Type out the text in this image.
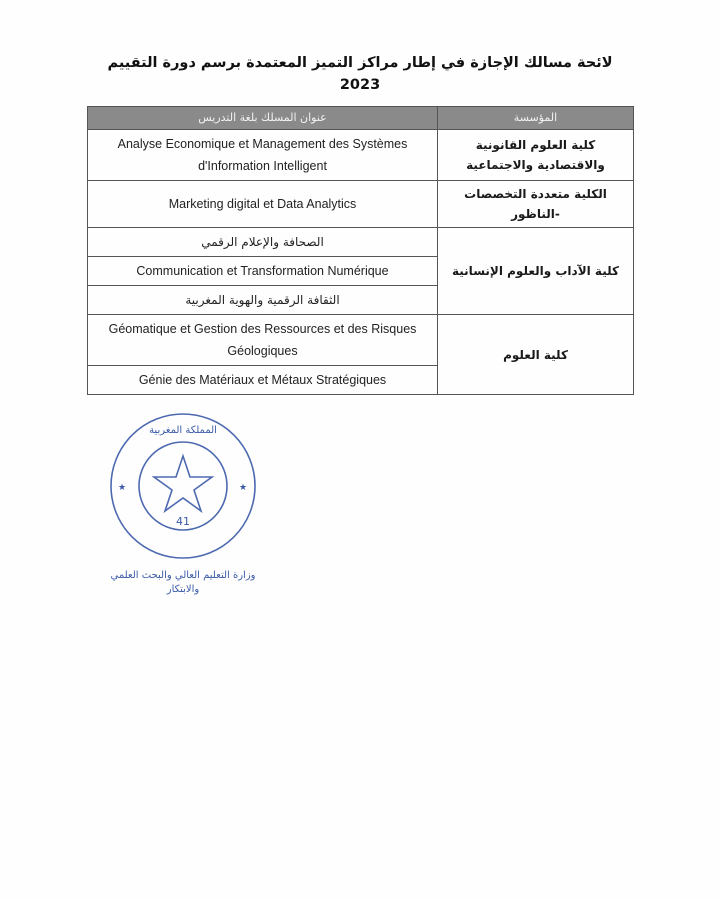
لائحة مسالك الإجازة في إطار مراكز التميز المعتمدة برسم دورة التقييم 2023
المؤسسة	عنوان المسلك بلغة التدريس
كلية العلوم القانونية والاقتصادية والاجتماعية	Analyse Economique et Management des Systèmes d'Information Intelligent
الكلية متعددة التخصصات -الناظور	Marketing digital et Data Analytics
كلية الآداب والعلوم الإنسانية	الصحافة والإعلام الرقمي
	Communication et Transformation Numérique
	الثقافة الرقمية والهوية المغربية
كلية العلوم	Géomatique et Gestion des Ressources et des Risques Géologiques
	Génie des Matériaux et Métaux Stratégiques
المملكة المغربية
41
★	★
وزارة التعليم العالي والبحث العلمي والابتكار
